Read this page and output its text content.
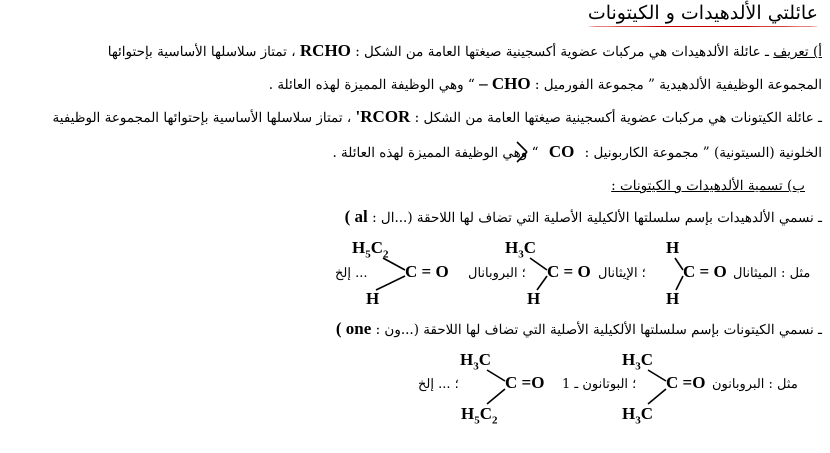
عائلتي الألدهيدات و الكيتونات
أ) تعريف ـ عائلة الألدهيدات هي مركبات عضوية أكسجينية صيغتها العامة من الشكل : RCHO ، تمتاز سلاسلها الأساسية بإحتوائها
المجموعة الوظيفية الألدهيدية ” مجموعة الفورميل : CHO – “ وهي الوظيفة المميزة لهذه العائلة .
ـ عائلة الكيتونات هي مركبات عضوية أكسجينية صيغتها العامة من الشكل : RCOR' ، تمتاز سلاسلها الأساسية بإحتوائها المجموعة الوظيفية
الخلونية (السيتونية) ” مجموعة الكاربونيل : CO “ وهي الوظيفة المميزة لهذه العائلة .
ب) تسمية الألدهيدات و الكيتونات :
ـ نسمي الألدهيدات بإسم سلسلتها الألكيلية الأصلية التي تضاف لها اللاحقة (...ال : al )
$H_5C_2$	$H_3C$	H
C = O	C = O	C = O
H	H	H
... إلخ	؛ البروبانال	؛ الإيثانال	مثل : الميثانال
ـ نسمي الكيتونات بإسم سلسلتها الألكيلية الأصلية التي تضاف لها اللاحقة (...ون : one )
$H_3C$	$H_3C$
C =O	C =O
$H_5C_2$	$H_3C$
؛ ... إلخ	؛ البوتانون ـ 1	مثل : البروبانون
